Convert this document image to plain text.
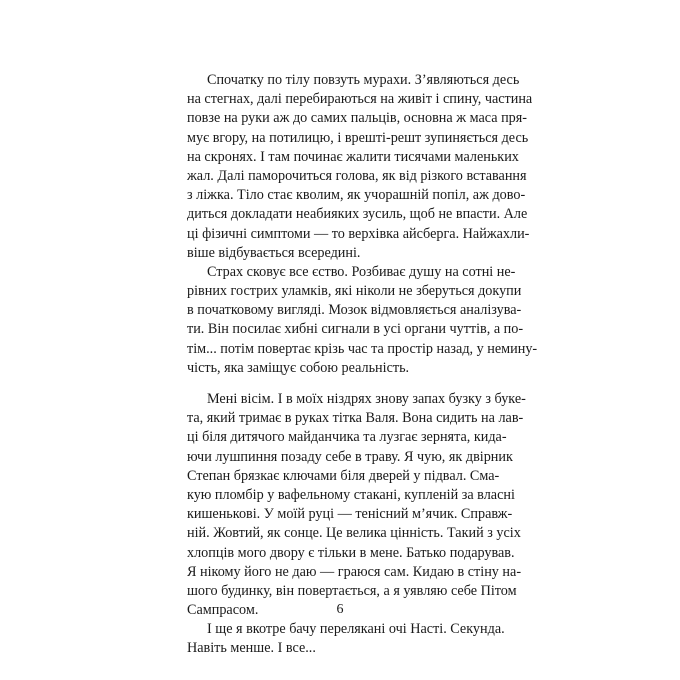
Спочатку по тілу повзуть мурахи. З’являються десь
на стегнах, далі перебираються на живіт і спину, частина
повзе на руки аж до самих пальців, основна ж маса пря-
мує вгору, на потилицю, і врешті-решт зупиняється десь
на скронях. І там починає жалити тисячами маленьких
жал. Далі паморочиться голова, як від різкого вставання
з ліжка. Тіло стає кволим, як учорашній попіл, аж дово-
диться докладати неабияких зусиль, щоб не впасти. Але
ці фізичні симптоми — то верхівка айсберга. Найжахли-
віше відбувається всередині.
Страх сковує все єство. Розбиває душу на сотні не-
рівних гострих уламків, які ніколи не зберуться докупи
в початковому вигляді. Мозок відмовляється аналізува-
ти. Він посилає хибні сигнали в усі органи чуттів, а по-
тім... потім повертає крізь час та простір назад, у немину-
чість, яка заміщує собою реальність.
Мені вісім. І в моїх ніздрях знову запах бузку з буке-
та, який тримає в руках тітка Валя. Вона сидить на лав-
ці біля дитячого майданчика та лузгає зернята, кида-
ючи лушпиння позаду себе в траву. Я чую, як двірник
Степан брязкає ключами біля дверей у підвал. Сма-
кую пломбір у вафельному стакані, купленій за власні
кишенькові. У моїй руці — тенісний м’ячик. Справж-
ній. Жовтий, як сонце. Це велика цінність. Такий з усіх
хлопців мого двору є тільки в мене. Батько подарував.
Я нікому його не даю — граюся сам. Кидаю в стіну на-
шого будинку, він повертається, а я уявляю себе Пітом
Сампрасом.
І ще я вкотре бачу перелякані очі Насті. Секунда.
Навіть менше. І все...
6
